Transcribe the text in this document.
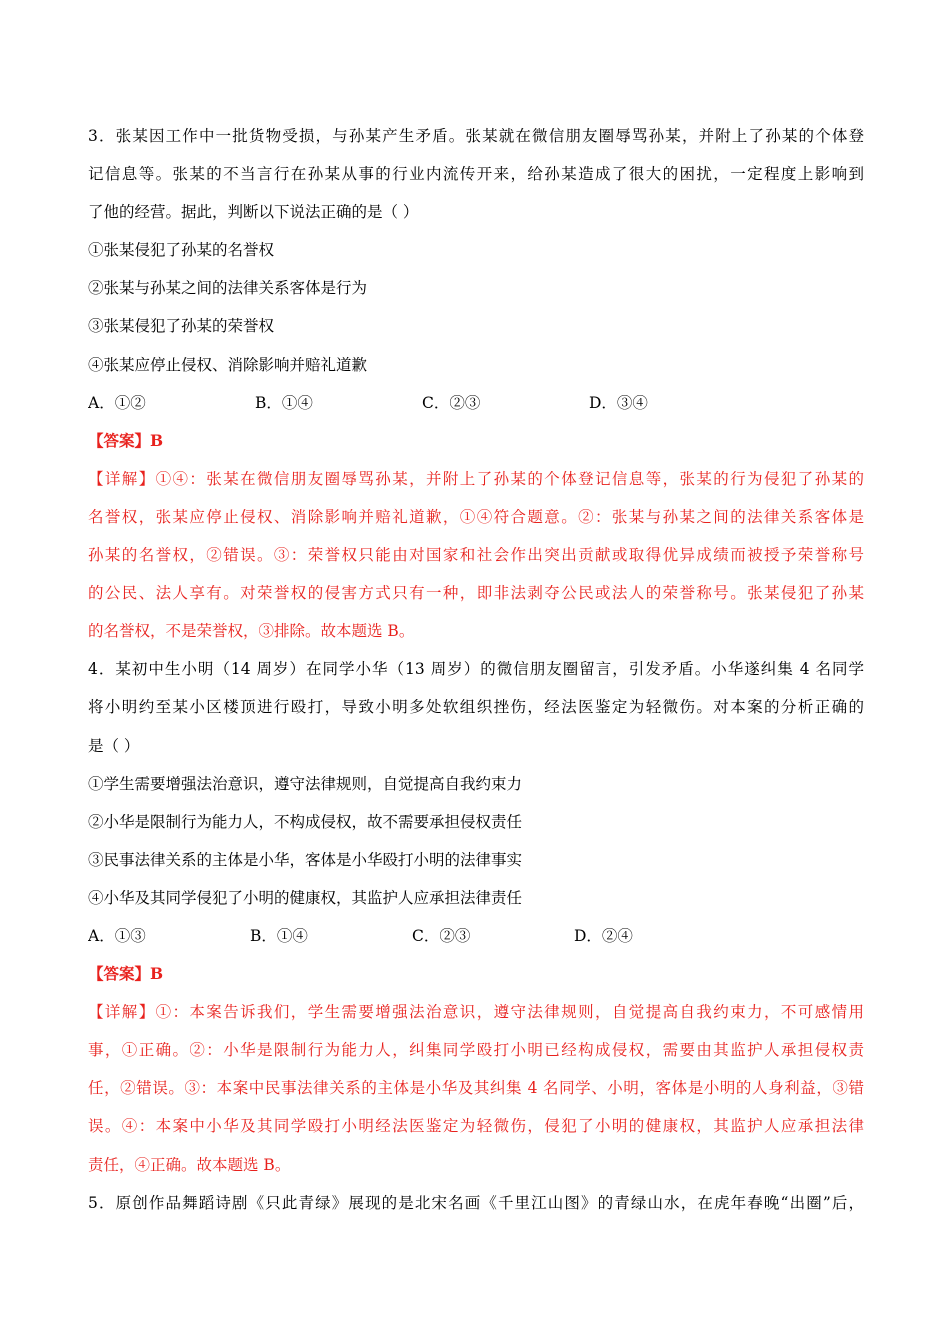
3．张某因工作中一批货物受损，与孙某产生矛盾。张某就在微信朋友圈辱骂孙某，并附上了孙某的个体登
记信息等。张某的不当言行在孙某从事的行业内流传开来，给孙某造成了很大的困扰，一定程度上影响到
了他的经营。据此，判断以下说法正确的是（ ）
①张某侵犯了孙某的名誉权
②张某与孙某之间的法律关系客体是行为
③张某侵犯了孙某的荣誉权
④张某应停止侵权、消除影响并赔礼道歉
A．①②	B．①④	C．②③	D．③④
【答案】B
【详解】①④：张某在微信朋友圈辱骂孙某，并附上了孙某的个体登记信息等，张某的行为侵犯了孙某的
名誉权，张某应停止侵权、消除影响并赔礼道歉，①④符合题意。②：张某与孙某之间的法律关系客体是
孙某的名誉权，②错误。③：荣誉权只能由对国家和社会作出突出贡献或取得优异成绩而被授予荣誉称号
的公民、法人享有。对荣誉权的侵害方式只有一种，即非法剥夺公民或法人的荣誉称号。张某侵犯了孙某
的名誉权，不是荣誉权，③排除。故本题选 B。
4．某初中生小明（14 周岁）在同学小华（13 周岁）的微信朋友圈留言，引发矛盾。小华遂纠集 4 名同学
将小明约至某小区楼顶进行殴打，导致小明多处软组织挫伤，经法医鉴定为轻微伤。对本案的分析正确的
是（ ）
①学生需要增强法治意识，遵守法律规则，自觉提高自我约束力
②小华是限制行为能力人，不构成侵权，故不需要承担侵权责任
③民事法律关系的主体是小华，客体是小华殴打小明的法律事实
④小华及其同学侵犯了小明的健康权，其监护人应承担法律责任
A．①③	B．①④	C．②③	D．②④
【答案】B
【详解】①：本案告诉我们，学生需要增强法治意识，遵守法律规则，自觉提高自我约束力，不可感情用
事，①正确。②：小华是限制行为能力人，纠集同学殴打小明已经构成侵权，需要由其监护人承担侵权责
任，②错误。③：本案中民事法律关系的主体是小华及其纠集 4 名同学、小明，客体是小明的人身利益，③错
误。④：本案中小华及其同学殴打小明经法医鉴定为轻微伤，侵犯了小明的健康权，其监护人应承担法律
责任，④正确。故本题选 B。
5．原创作品舞蹈诗剧《只此青绿》展现的是北宋名画《千里江山图》的青绿山水，在虎年春晚“出圈”后，
